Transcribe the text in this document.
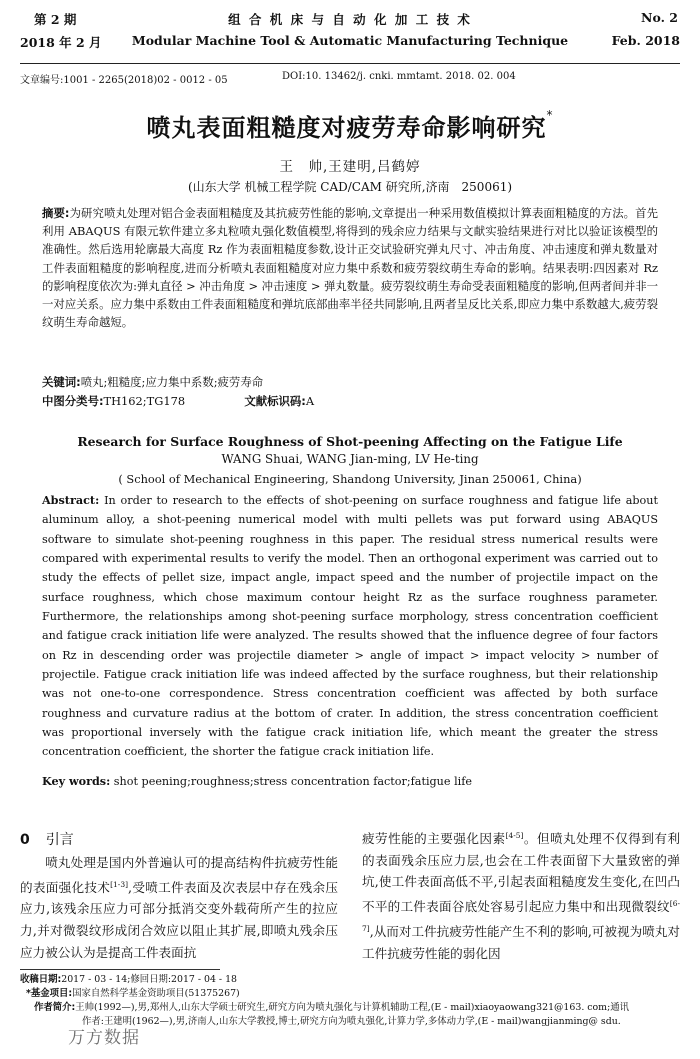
第 2 期
2018 年 2 月
组 合 机 床 与 自 动 化 加 工 技 术
Modular Machine Tool & Automatic Manufacturing Technique
No. 2
Feb. 2018
文章编号:1001 - 2265(2018)02 - 0012 - 05	DOI:10. 13462/j. cnki. mmtamt. 2018. 02. 004
喷丸表面粗糙度对疲劳寿命影响研究*
王　帅,王建明,吕鹤婷
(山东大学 机械工程学院 CAD/CAM 研究所,济南　250061)
摘要:为研究喷丸处理对铝合金表面粗糙度及其抗疲劳性能的影响,文章提出一种采用数值模拟计算表面粗糙度的方法。首先利用 ABAQUS 有限元软件建立多丸粒喷丸强化数值模型,将得到的残余应力结果与文献实验结果进行对比以验证该模型的准确性。然后选用轮廓最大高度 Rz 作为表面粗糙度参数,设计正交试验研究弹丸尺寸、冲击角度、冲击速度和弹丸数量对工件表面粗糙度的影响程度,进而分析喷丸表面粗糙度对应力集中系数和疲劳裂纹萌生寿命的影响。结果表明:四因素对 Rz 的影响程度依次为:弹丸直径 > 冲击角度 > 冲击速度 > 弹丸数量。疲劳裂纹萌生寿命受表面粗糙度的影响,但两者间并非一一对应关系。应力集中系数由工件表面粗糙度和弹坑底部曲率半径共同影响,且两者呈反比关系,即应力集中系数越大,疲劳裂纹萌生寿命越短。
关键词:喷丸;粗糙度;应力集中系数;疲劳寿命
中图分类号:TH162;TG178	文献标识码:A
Research for Surface Roughness of Shot-peening Affecting on the Fatigue Life
WANG Shuai, WANG Jian-ming, LV He-ting
( School of Mechanical Engineering, Shandong University, Jinan 250061, China)
Abstract: In order to research to the effects of shot-peening on surface roughness and fatigue life about aluminum alloy, a shot-peening numerical model with multi pellets was put forward using ABAQUS software to simulate shot-peening roughness in this paper. The residual stress numerical results were compared with experimental results to verify the model. Then an orthogonal experiment was carried out to study the effects of pellet size, impact angle, impact speed and the number of projectile impact on the surface roughness, which chose maximum contour height Rz as the surface roughness parameter. Furthermore, the relationships among shot-peening surface morphology, stress concentration coefficient and fatigue crack initiation life were analyzed. The results showed that the influence degree of four factors on Rz in descending order was projectile diameter > angle of impact > impact velocity > number of projectile. Fatigue crack initiation life was indeed affected by the surface roughness, but their relationship was not one-to-one correspondence. Stress concentration coefficient was affected by both surface roughness and curvature radius at the bottom of crater. In addition, the stress concentration coefficient was proportional inversely with the fatigue crack initiation life, which meant the greater the stress concentration coefficient, the shorter the fatigue crack initiation life.
Key words: shot peening;roughness;stress concentration factor;fatigue life
0 引言
喷丸处理是国内外普遍认可的提高结构件抗疲劳性能的表面强化技术[1-3],受喷工件表面及次表层中存在残余压应力,该残余压应力可部分抵消交变外载荷所产生的拉应力,并对微裂纹形成闭合效应以阻止其扩展,即喷丸残余压应力被公认为是提高工件表面抗
疲劳性能的主要强化因素[4-5]。但喷丸处理不仅得到有利的表面残余压应力层,也会在工件表面留下大量致密的弹坑,使工件表面高低不平,引起表面粗糙度发生变化,在凹凸不平的工件表面谷底处容易引起应力集中和出现微裂纹[6-7],从而对工件抗疲劳性能产生不利的影响,可被视为喷丸对工件抗疲劳性能的弱化因
收稿日期:2017 - 03 - 14;修回日期:2017 - 04 - 18
*基金项目:国家自然科学基金资助项目(51375267)
作者简介:王帅(1992—),男,郑州人,山东大学硕士研究生,研究方向为喷丸强化与计算机辅助工程,(E - mail)xiaoyaowang321@163. com;通讯
作者:王建明(1962—),男,济南人,山东大学教授,博士,研究方向为喷丸强化,计算力学,多体动力学,(E - mail)wangjianming@ sdu.
万方数据
